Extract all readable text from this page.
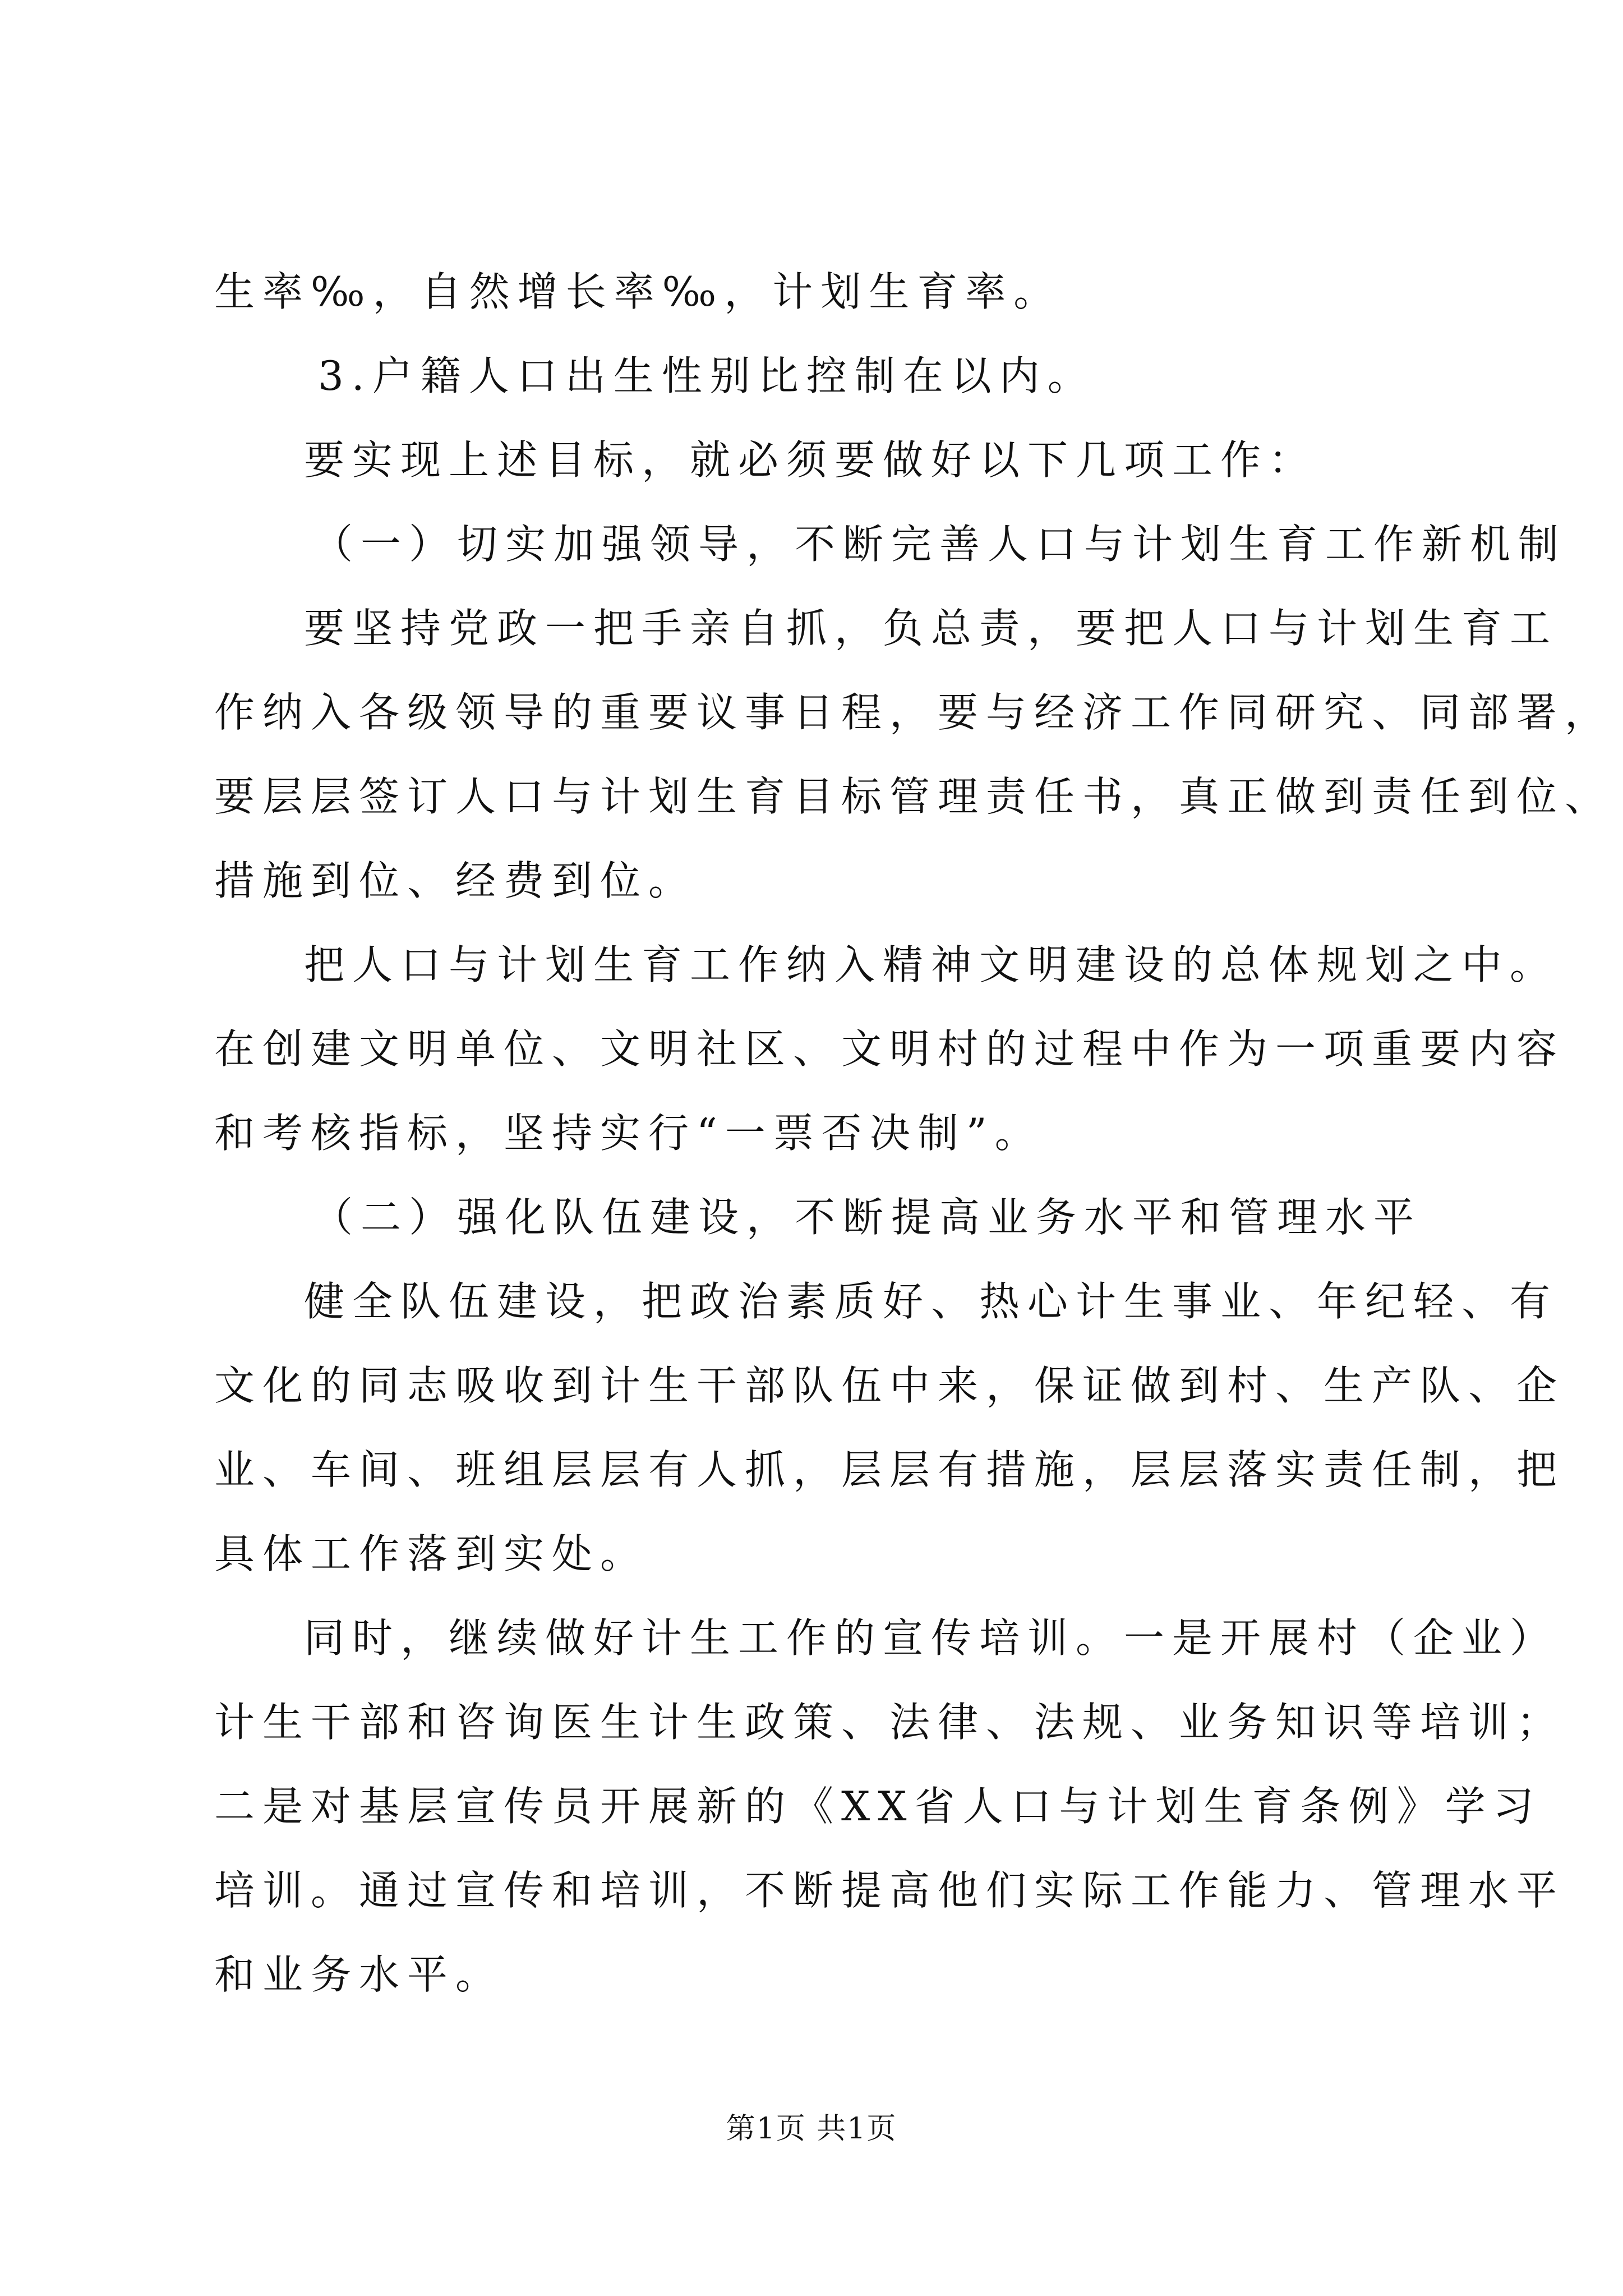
生率‰，自然增长率‰，计划生育率。
3.户籍人口出生性别比控制在以内。
要实现上述目标，就必须要做好以下几项工作：
（一）切实加强领导，不断完善人口与计划生育工作新机制
要坚持党政一把手亲自抓，负总责，要把人口与计划生育工
作纳入各级领导的重要议事日程，要与经济工作同研究、同部署，
要层层签订人口与计划生育目标管理责任书，真正做到责任到位、
措施到位、经费到位。
把人口与计划生育工作纳入精神文明建设的总体规划之中。
在创建文明单位、文明社区、文明村的过程中作为一项重要内容
和考核指标，坚持实行“一票否决制”。
（二）强化队伍建设，不断提高业务水平和管理水平
健全队伍建设，把政治素质好、热心计生事业、年纪轻、有
文化的同志吸收到计生干部队伍中来，保证做到村、生产队、企
业、车间、班组层层有人抓，层层有措施，层层落实责任制，把
具体工作落到实处。
同时，继续做好计生工作的宣传培训。一是开展村（企业）
计生干部和咨询医生计生政策、法律、法规、业务知识等培训；
二是对基层宣传员开展新的《XX省人口与计划生育条例》学习
培训。通过宣传和培训，不断提高他们实际工作能力、管理水平
和业务水平。
第1页 共1页
